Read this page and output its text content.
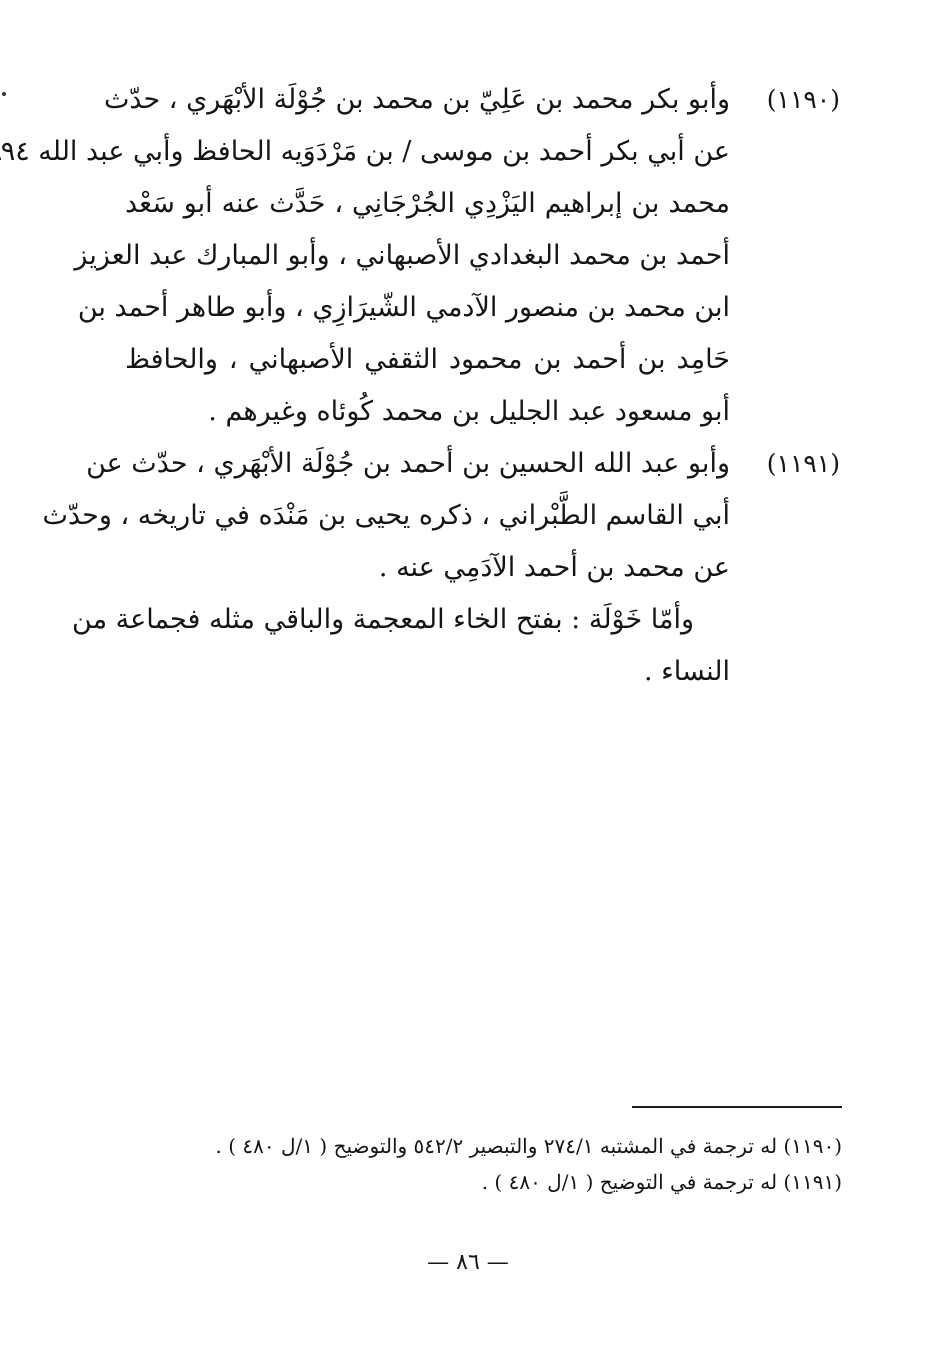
(١١٩٠)
وأبو بكر محمد بن عَلِيّ بن محمد بن جُوْلَة الأبْهَري ، حدّث
عن أبي بكر أحمد بن موسى / بن مَرْدَوَيه الحافظ وأبي عبد الله ٩٤
محمد بن إبراهيم اليَزْدِي الجُرْجَانِي ، حَدَّث عنه أبو سَعْد
أحمد بن محمد البغدادي الأصبهاني ، وأبو المبارك عبد العزيز
ابن محمد بن منصور الآدمي الشّيرَازِي ، وأبو طاهر أحمد بن
حَامِد بن أحمد بن محمود الثقفي الأصبهاني ، والحافظ
أبو مسعود عبد الجليل بن محمد كُوئاه وغيرهم .
(١١٩١)
وأبو عبد الله الحسين بن أحمد بن جُوْلَة الأبْهَري ، حدّث عن
أبي القاسم الطَّبْراني ، ذكره يحيى بن مَنْدَه في تاريخه ، وحدّث
عن محمد بن أحمد الآدَمِي عنه .
وأمّا خَوْلَة : بفتح الخاء المعجمة والباقي مثله فجماعة من
النساء .
(١١٩٠) له ترجمة في المشتبه ٢٧٤/١ والتبصير ٥٤٢/٢ والتوضيح ( ١/ل ٤٨٠ ) .
(١١٩١) له ترجمة في التوضيح ( ١/ل ٤٨٠ ) .
— ٨٦ —
